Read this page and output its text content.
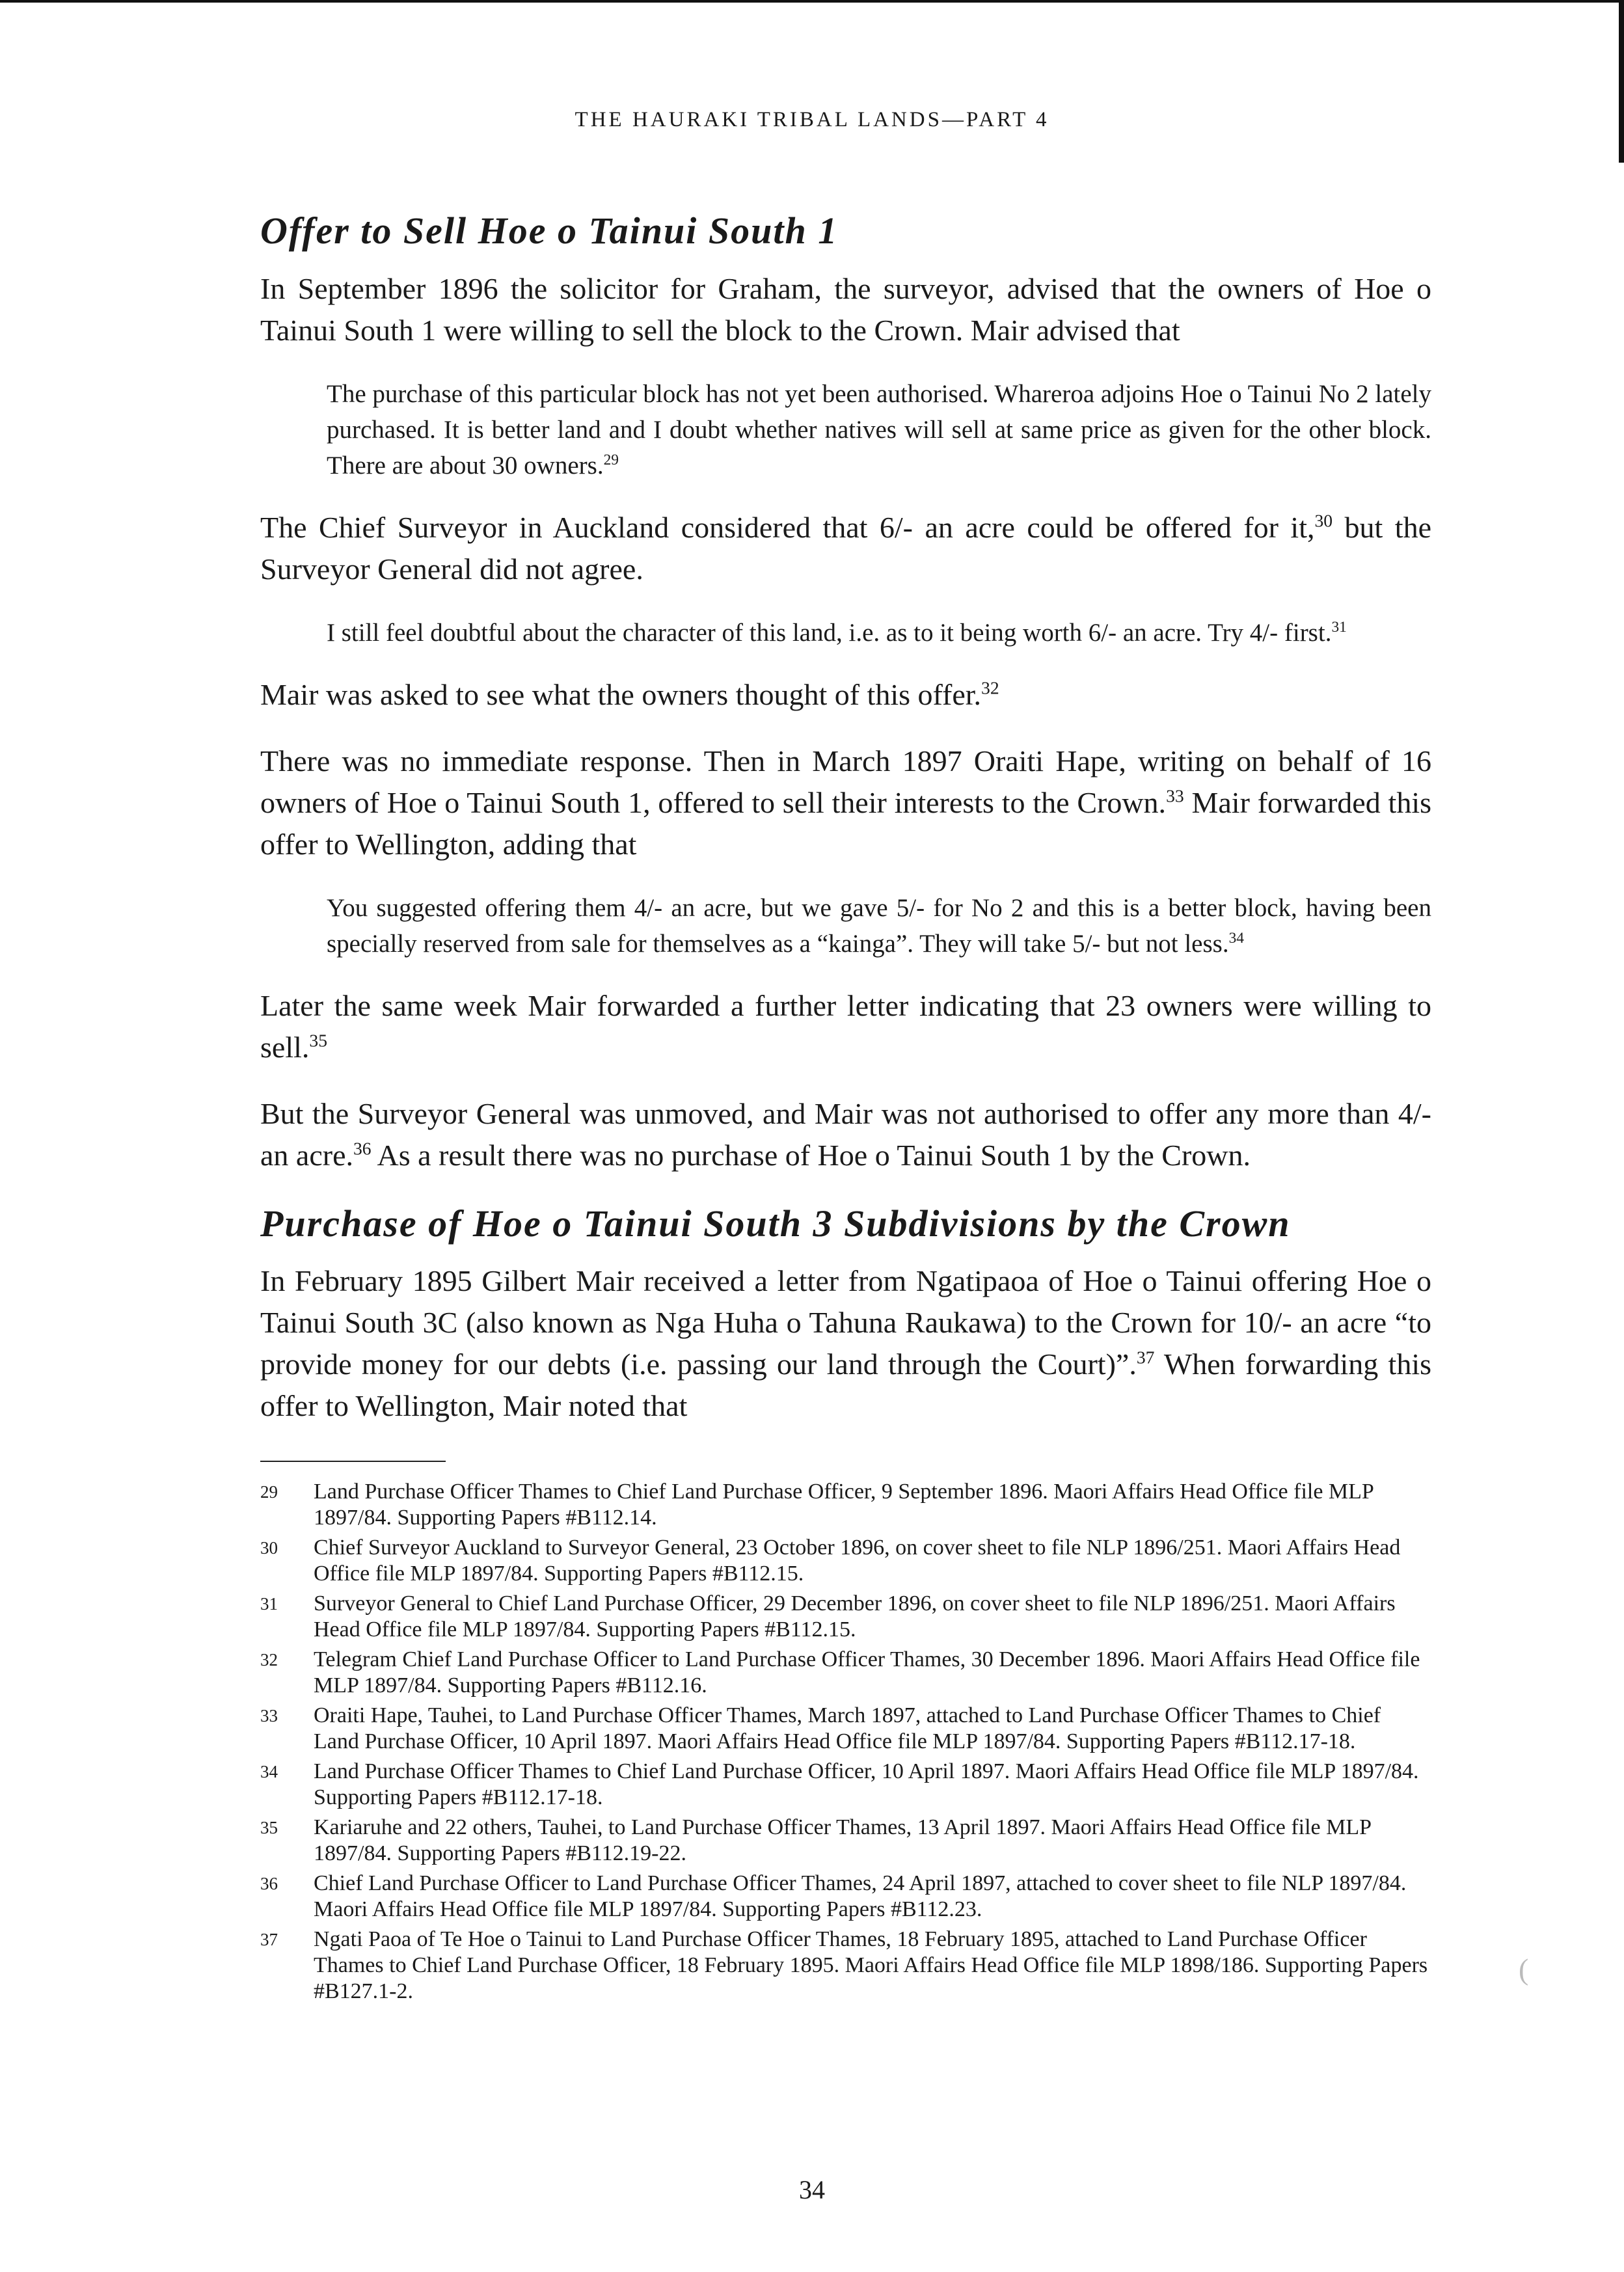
THE HAURAKI TRIBAL LANDS—PART 4
Offer to Sell Hoe o Tainui South 1

In September 1896 the solicitor for Graham, the surveyor, advised that the owners of Hoe o Tainui South 1 were willing to sell the block to the Crown. Mair advised that

The purchase of this particular block has not yet been authorised. Whareroa adjoins Hoe o Tainui No 2 lately purchased. It is better land and I doubt whether natives will sell at same price as given for the other block. There are about 30 owners.$^{29}$

The Chief Surveyor in Auckland considered that 6/- an acre could be offered for it,$^{30}$ but the Surveyor General did not agree.

I still feel doubtful about the character of this land, i.e. as to it being worth 6/- an acre. Try 4/- first.$^{31}$

Mair was asked to see what the owners thought of this offer.$^{32}$

There was no immediate response. Then in March 1897 Oraiti Hape, writing on behalf of 16 owners of Hoe o Tainui South 1, offered to sell their interests to the Crown.$^{33}$ Mair forwarded this offer to Wellington, adding that

You suggested offering them 4/- an acre, but we gave 5/- for No 2 and this is a better block, having been specially reserved from sale for themselves as a “kainga”. They will take 5/- but not less.$^{34}$

Later the same week Mair forwarded a further letter indicating that 23 owners were willing to sell.$^{35}$

But the Surveyor General was unmoved, and Mair was not authorised to offer any more than 4/- an acre.$^{36}$ As a result there was no purchase of Hoe o Tainui South 1 by the Crown.

Purchase of Hoe o Tainui South 3 Subdivisions by the Crown

In February 1895 Gilbert Mair received a letter from Ngatipaoa of Hoe o Tainui offering Hoe o Tainui South 3C (also known as Nga Huha o Tahuna Raukawa) to the Crown for 10/- an acre “to provide money for our debts (i.e. passing our land through the Court)”.$^{37}$ When forwarding this offer to Wellington, Mair noted that

29	Land Purchase Officer Thames to Chief Land Purchase Officer, 9 September 1896. Maori Affairs Head Office file MLP 1897/84. Supporting Papers #B112.14.
30	Chief Surveyor Auckland to Surveyor General, 23 October 1896, on cover sheet to file NLP 1896/251. Maori Affairs Head Office file MLP 1897/84. Supporting Papers #B112.15.
31	Surveyor General to Chief Land Purchase Officer, 29 December 1896, on cover sheet to file NLP 1896/251. Maori Affairs Head Office file MLP 1897/84. Supporting Papers #B112.15.
32	Telegram Chief Land Purchase Officer to Land Purchase Officer Thames, 30 December 1896. Maori Affairs Head Office file MLP 1897/84. Supporting Papers #B112.16.
33	Oraiti Hape, Tauhei, to Land Purchase Officer Thames, March 1897, attached to Land Purchase Officer Thames to Chief Land Purchase Officer, 10 April 1897. Maori Affairs Head Office file MLP 1897/84. Supporting Papers #B112.17-18.
34	Land Purchase Officer Thames to Chief Land Purchase Officer, 10 April 1897. Maori Affairs Head Office file MLP 1897/84. Supporting Papers #B112.17-18.
35	Kariaruhe and 22 others, Tauhei, to Land Purchase Officer Thames, 13 April 1897. Maori Affairs Head Office file MLP 1897/84. Supporting Papers #B112.19-22.
36	Chief Land Purchase Officer to Land Purchase Officer Thames, 24 April 1897, attached to cover sheet to file NLP 1897/84. Maori Affairs Head Office file MLP 1897/84. Supporting Papers #B112.23.
37	Ngati Paoa of Te Hoe o Tainui to Land Purchase Officer Thames, 18 February 1895, attached to Land Purchase Officer Thames to Chief Land Purchase Officer, 18 February 1895. Maori Affairs Head Office file MLP 1898/186. Supporting Papers #B127.1-2.
(
34
